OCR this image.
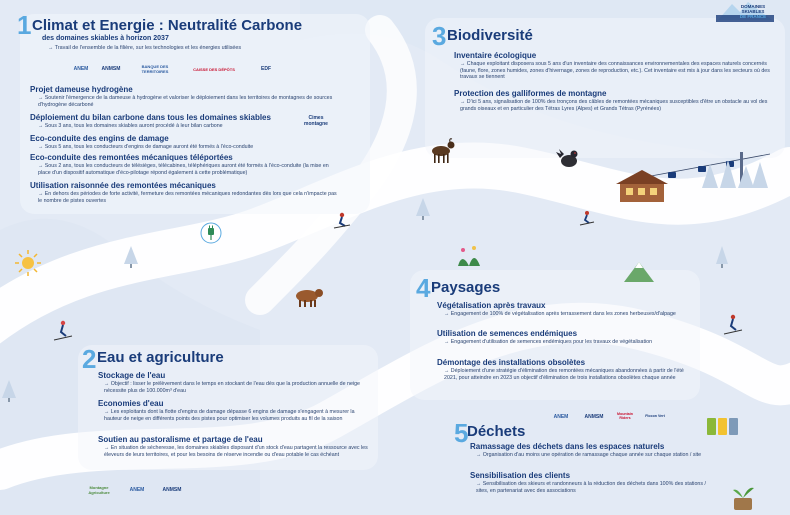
DOMAINES
SKIABLES
DE FRANCE
1 Climat et Energie : Neutralité Carbone
des domaines skiables à horizon 2037
→ Travail de l'ensemble de la filière, sur les technologies et les énergies utilisées
ANEM	ANMSM	BANQUE DES TERRITOIRES	CAISSE DES DÉPÔTS	EDF
Projet dameuse hydrogène
→ Soutenir l'émergence de la dameuse à hydrogène et valoriser le déploiement dans les territoires de montagnes de sources d'hydrogène décarboné
Déploiement du bilan carbone dans tous les domaines skiables
→ Sous 3 ans, tous les domaines skiables auront procédé à leur bilan carbone
Cimes montagne
Eco-conduite des engins de damage
→ Sous 5 ans, tous les conducteurs d'engins de damage auront été formés à l'éco-conduite
Eco-conduite des remontées mécaniques téléportées
→ Sous 2 ans, tous les conducteurs de télésièges, télécabines, téléphériques auront été formés à l'éco-conduite (la mise en place d'un dispositif automatique d'éco-pilotage répond également à cette problématique)
Utilisation raisonnée des remontées mécaniques
→ En dehors des périodes de forte activité, fermeture des remontées mécaniques redondantes dès lors que cela n'impacte pas le nombre de pistes ouvertes
2 Eau et agriculture
Stockage de l'eau
→ Objectif : lisser le prélèvement dans le temps en stockant de l'eau dès que la production annuelle de neige nécessite plus de 100.000m³ d'eau
Economies d'eau
→ Les exploitants dont la flotte d'engins de damage dépasse 6 engins de damage s'engagent à mesurer la hauteur de neige en différents points des pistes pour optimiser les volumes produits au fil de la saison
Soutien au pastoralisme et partage de l'eau
→ En situation de sécheresse, les domaines skiables disposant d'un stock d'eau partagent la ressource avec les éleveurs de leurs territoires, et pour les besoins de réserve incendie ou d'eau potable le cas échéant
Montagne Agriculture	ANEM	ANMSM
3 Biodiversité
Inventaire écologique
→ Chaque exploitant disposera sous 5 ans d'un inventaire des connaissances environnementales des espaces naturels concernés (faune, flore, zones humides, zones d'hivernage, zones de reproduction, etc.). Cet inventaire est mis à jour dans les secteurs où des travaux se tiennent
Protection des galliformes de montagne
→ D'ici 5 ans, signalisation de 100% des tronçons des câbles de remontées mécaniques susceptibles d'être un obstacle au vol des grands oiseaux et en particulier des Tétras Lyres (Alpes) et Grands Tétras (Pyrénées)
4 Paysages
Végétalisation après travaux
→ Engagement de 100% de végétalisation après terrassement dans les zones herbeuses/d'alpage
Utilisation de semences endémiques
→ Engagement d'utilisation de semences endémiques pour les travaux de végétalisation
Démontage des installations obsolètes
→ Déploiement d'une stratégie d'élimination des remontées mécaniques abandonnées à partir de l'été 2021, pour atteindre en 2023 un objectif d'élimination de trois installations obsolètes chaque année
5
Déchets
ANEM	ANMSM	Mountain Riders	Flocon Vert
Ramassage des déchets dans les espaces naturels
→ Organisation d'au moins une opération de ramassage chaque année sur chaque station / site
Sensibilisation des clients
→ Sensibilisation des skieurs et randonneurs à la réduction des déchets dans 100% des stations / sites, en partenariat avec des associations
